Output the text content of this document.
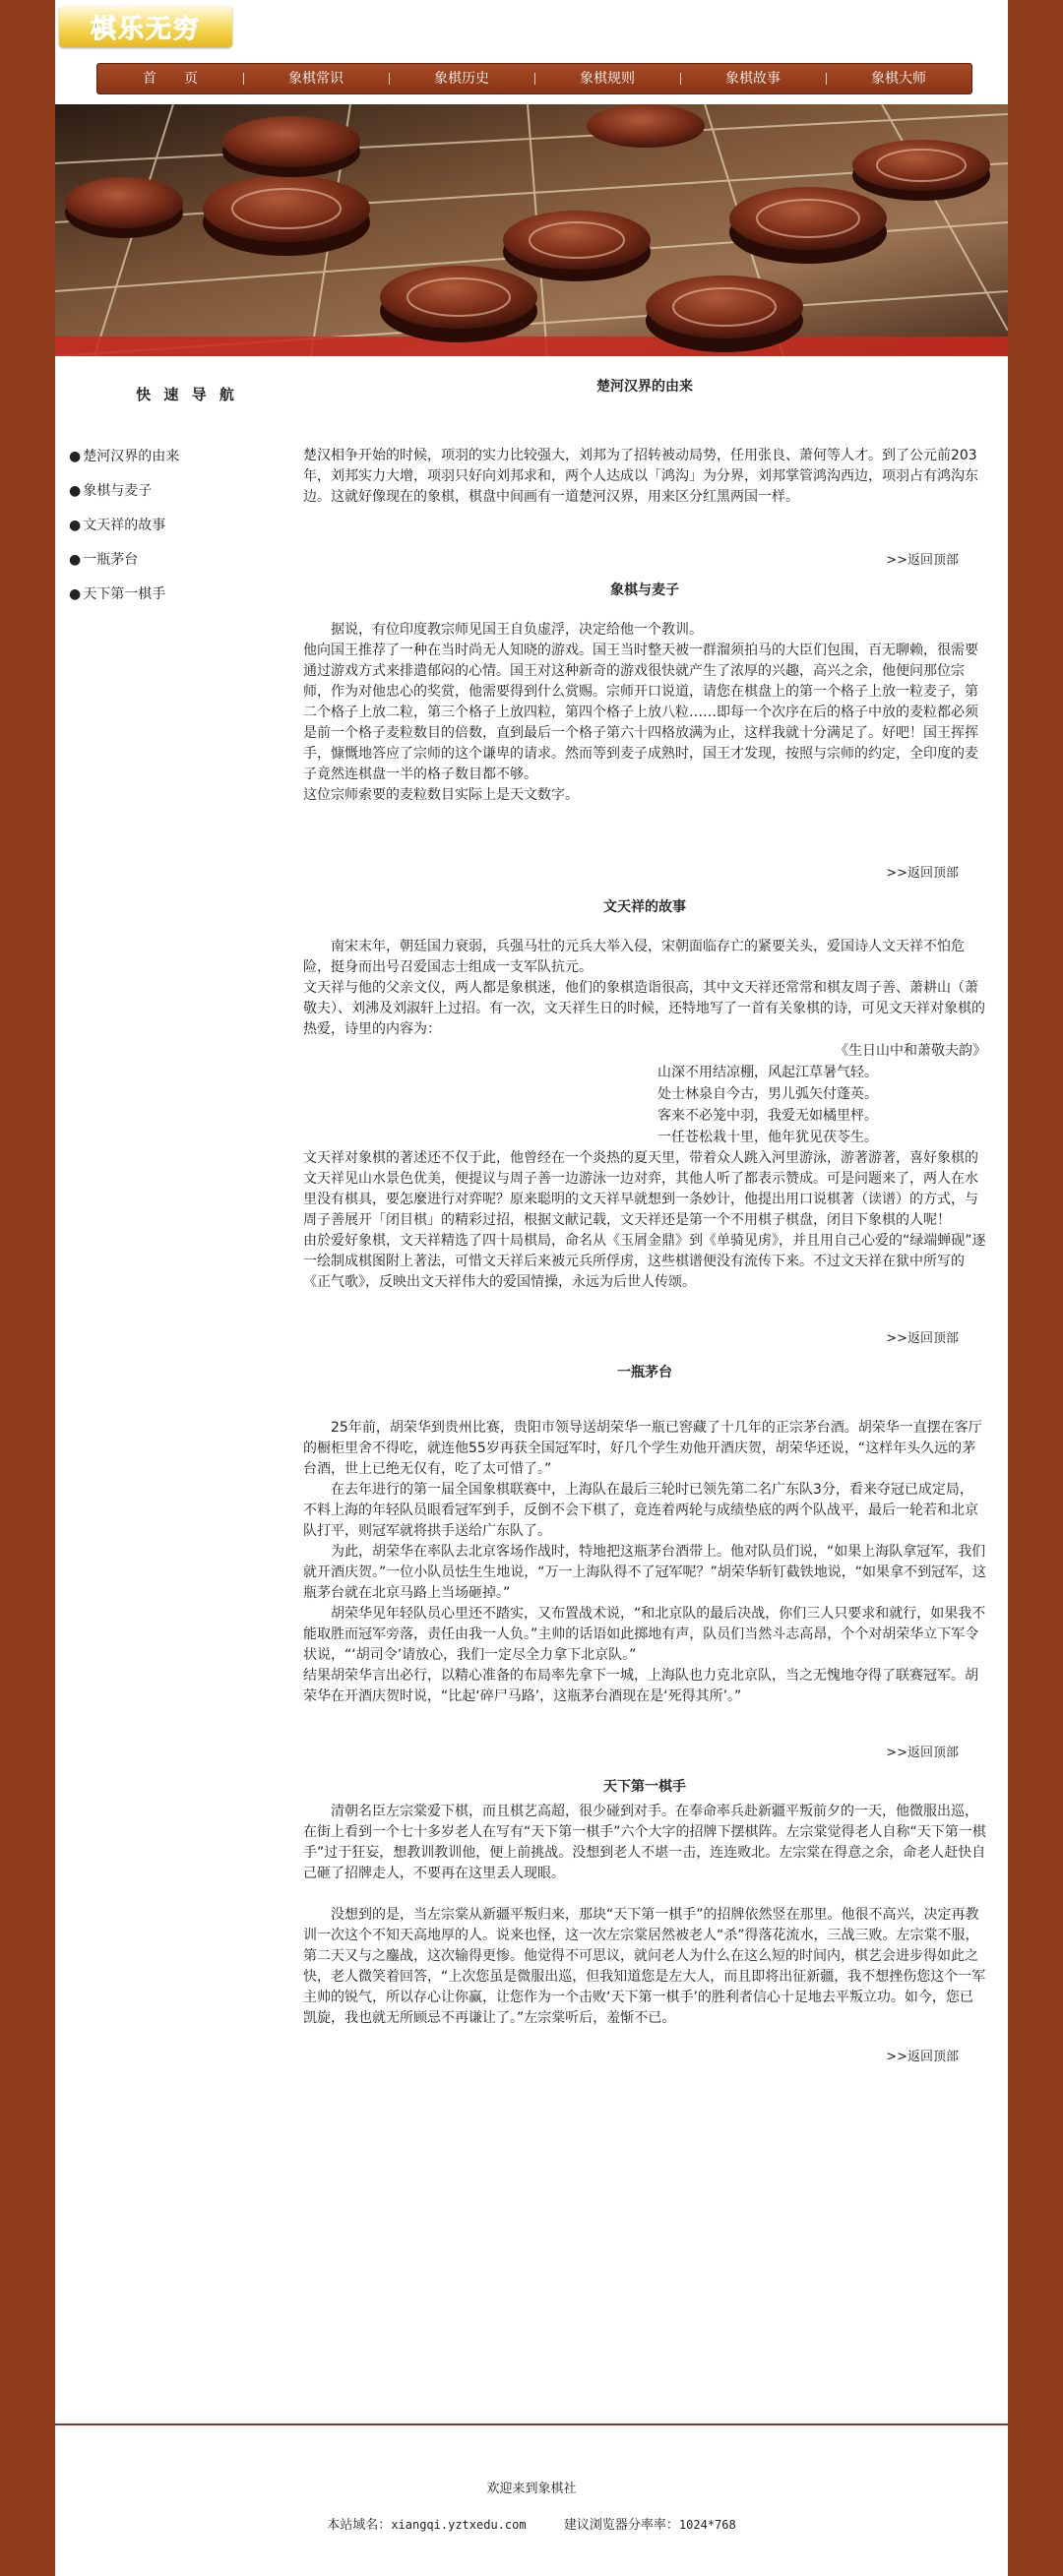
棋 乐 无 穷
首　　页	象棋常识	象棋历史	象棋规则	象棋故事	象棋大师
快 速 导 航
● 楚河汉界的由来
● 象棋与麦子
● 文天祥的故事
● 一瓶茅台
● 天下第一棋手
楚河汉界的由来

楚汉相争开始的时候，项羽的实力比较强大，刘邦为了招转被动局势，任用张良、萧何等人才。到了公元前203年，刘邦实力大增，项羽只好向刘邦求和，两个人达成以「鸿沟」为分界，刘邦掌管鸿沟西边，项羽占有鸿沟东边。这就好像现在的象棋，棋盘中间画有一道楚河汉界，用来区分红黑两国一样。

>>返回顶部
象棋与麦子

据说，有位印度教宗师见国王自负虚浮，决定给他一个教训。

他向国王推荐了一种在当时尚无人知晓的游戏。国王当时整天被一群溜须拍马的大臣们包围，百无聊赖，很需要通过游戏方式来排遣郁闷的心情。国王对这种新奇的游戏很快就产生了浓厚的兴趣，高兴之余，他便问那位宗师，作为对他忠心的奖赏，他需要得到什么赏赐。宗师开口说道，请您在棋盘上的第一个格子上放一粒麦子，第二个格子上放二粒，第三个格子上放四粒，第四个格子上放八粒……即每一个次序在后的格子中放的麦粒都必须是前一个格子麦粒数目的倍数，直到最后一个格子第六十四格放满为止，这样我就十分满足了。好吧！国王挥挥手，慷慨地答应了宗师的这个谦卑的请求。然而等到麦子成熟时，国王才发现，按照与宗师的约定，全印度的麦子竟然连棋盘一半的格子数目都不够。

这位宗师索要的麦粒数目实际上是天文数字。

>>返回顶部
文天祥的故事

南宋末年，朝廷国力衰弱，兵强马壮的元兵大举入侵，宋朝面临存亡的紧要关头，爱国诗人文天祥不怕危险，挺身而出号召爱国志士组成一支军队抗元。

文天祥与他的父亲文仪，两人都是象棋迷，他们的象棋造诣很高，其中文天祥还常常和棋友周子善、萧耕山（萧敬夫）、刘沸及刘淑轩上过招。有一次，文天祥生日的时候，还特地写了一首有关象棋的诗，可见文天祥对象棋的热爱，诗里的内容为：

《生日山中和萧敬夫韵》
山深不用结凉棚，风起江草暑气轻。
处士林泉自今古，男儿弧矢付蓬英。
客来不必笼中羽，我爱无如橘里枰。
一任苍松栽十里，他年犹见茯苓生。

文天祥对象棋的著述还不仅于此，他曾经在一个炎热的夏天里，带着众人跳入河里游泳，游著游著，喜好象棋的文天祥见山水景色优美，便提议与周子善一边游泳一边对弈，其他人听了都表示赞成。可是问题来了，两人在水里没有棋具，要怎麼进行对弈呢？原来聪明的文天祥早就想到一条妙计，他提出用口说棋著（读谱）的方式，与周子善展开「闭目棋」的精彩过招，根据文献记载，文天祥还是第一个不用棋子棋盘，闭目下象棋的人呢！

由於爱好象棋，文天祥精选了四十局棋局，命名从《玉屑金鼎》到《单骑见虏》，并且用自己心爱的“绿端蝉砚”逐一绘制成棋图附上著法，可惜文天祥后来被元兵所俘虏，这些棋谱便没有流传下来。不过文天祥在狱中所写的《正气歌》，反映出文天祥伟大的爱国情操，永远为后世人传颂。

>>返回顶部
一瓶茅台

25年前，胡荣华到贵州比赛，贵阳市领导送胡荣华一瓶已窖藏了十几年的正宗茅台酒。胡荣华一直摆在客厅的橱柜里舍不得吃，就连他55岁再获全国冠军时，好几个学生劝他开酒庆贺，胡荣华还说，“这样年头久远的茅台酒，世上已绝无仅有，吃了太可惜了。”

在去年进行的第一届全国象棋联赛中，上海队在最后三轮时已领先第二名广东队3分，看来夺冠已成定局，不料上海的年轻队员眼看冠军到手，反倒不会下棋了，竟连着两轮与成绩垫底的两个队战平，最后一轮若和北京队打平，则冠军就将拱手送给广东队了。

为此，胡荣华在率队去北京客场作战时，特地把这瓶茅台酒带上。他对队员们说，“如果上海队拿冠军，我们就开酒庆贺。”一位小队员怯生生地说，“万一上海队得不了冠军呢？”胡荣华斩钉截铁地说，“如果拿不到冠军，这瓶茅台就在北京马路上当场砸掉。”

胡荣华见年轻队员心里还不踏实，又布置战术说，“和北京队的最后决战，你们三人只要求和就行，如果我不能取胜而冠军旁落，责任由我一人负。”主帅的话语如此掷地有声，队员们当然斗志高昂，个个对胡荣华立下军令状说，“‘胡司令’请放心，我们一定尽全力拿下北京队。”

结果胡荣华言出必行，以精心准备的布局率先拿下一城，上海队也力克北京队，当之无愧地夺得了联赛冠军。胡荣华在开酒庆贺时说，“比起‘碎尸马路’，这瓶茅台酒现在是‘死得其所’。”

>>返回顶部
天下第一棋手

清朝名臣左宗棠爱下棋，而且棋艺高超，很少碰到对手。在奉命率兵赴新疆平叛前夕的一天，他微服出巡，在街上看到一个七十多岁老人在写有“天下第一棋手”六个大字的招牌下摆棋阵。左宗棠觉得老人自称“天下第一棋手”过于狂妄，想教训教训他，便上前挑战。没想到老人不堪一击，连连败北。左宗棠在得意之余，命老人赶快自己砸了招牌走人，不要再在这里丢人现眼。

没想到的是，当左宗棠从新疆平叛归来，那块“天下第一棋手”的招牌依然竖在那里。他很不高兴，决定再教训一次这个不知天高地厚的人。说来也怪，这一次左宗棠居然被老人“杀”得落花流水，三战三败。左宗棠不服，第二天又与之鏖战，这次输得更惨。他觉得不可思议，就问老人为什么在这么短的时间内，棋艺会进步得如此之快，老人微笑着回答，“上次您虽是微服出巡，但我知道您是左大人，而且即将出征新疆，我不想挫伤您这个一军主帅的锐气，所以存心让你赢，让您作为一个击败‘天下第一棋手’的胜利者信心十足地去平叛立功。如今，您已凯旋，我也就无所顾忌不再谦让了。”左宗棠听后，羞惭不已。

>>返回顶部
欢迎来到象棋社
本站域名：xiangqi.yztxedu.com	建议浏览器分率率：1024*768
